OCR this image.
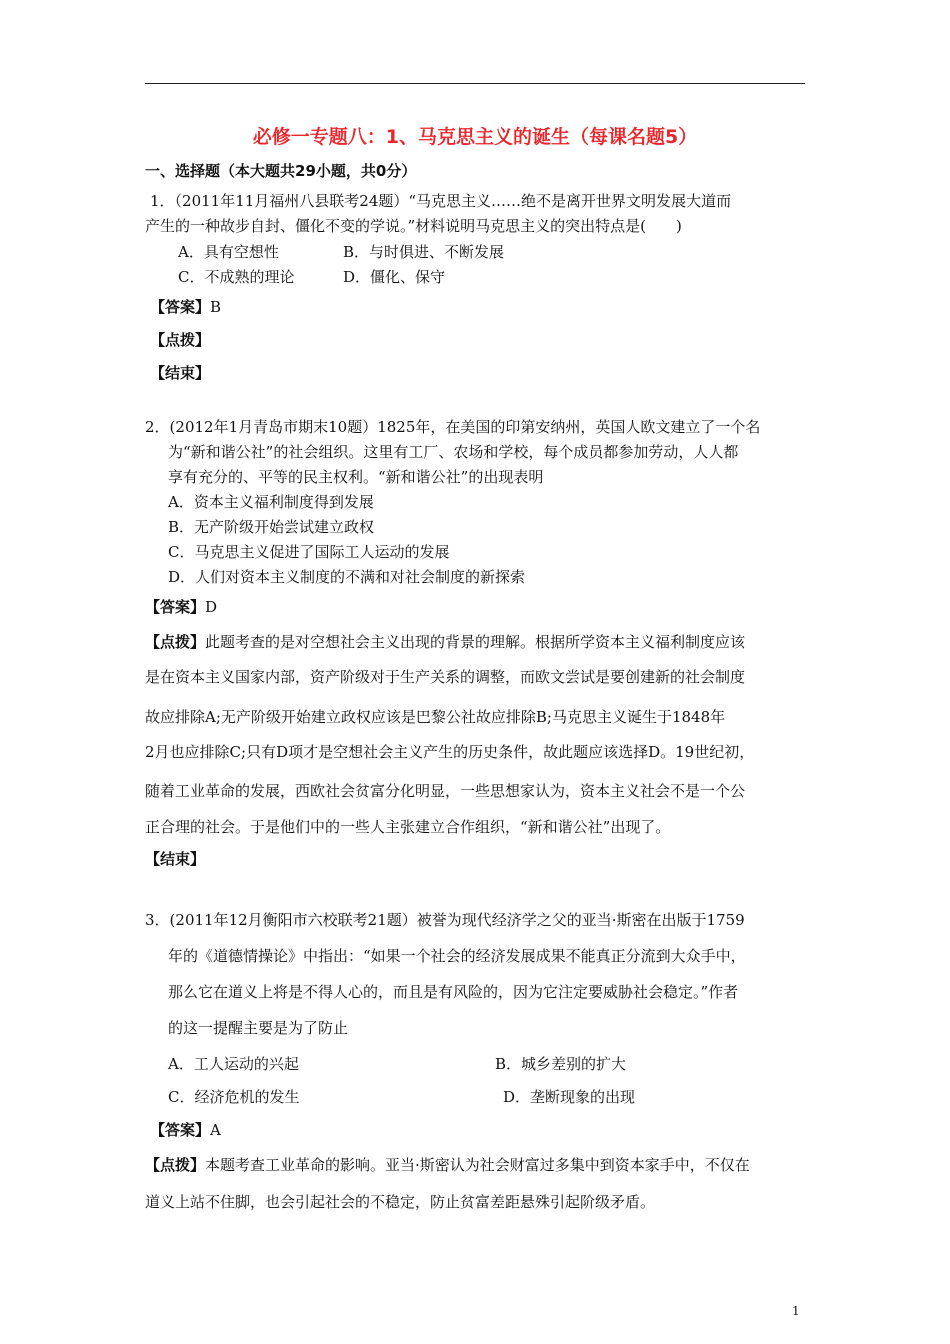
必修一专题八：1、马克思主义的诞生（每课名题5）
一、选择题（本大题共29小题，共0分）
1．（2011年11月福州八县联考24题）“马克思主义……绝不是离开世界文明发展大道而
产生的一种故步自封、僵化不变的学说。”材料说明马克思主义的突出特点是(　　)
A．具有空想性	B．与时俱进、不断发展
C．不成熟的理论	D．僵化、保守
【答案】B
【点拨】
【结束】
2．(2012年1月青岛市期末10题）1825年，在美国的印第安纳州，英国人欧文建立了一个名
为“新和谐公社”的社会组织。这里有工厂、农场和学校，每个成员都参加劳动，人人都
享有充分的、平等的民主权利。“新和谐公社”的出现表明
A．资本主义福利制度得到发展
B．无产阶级开始尝试建立政权
C．马克思主义促进了国际工人运动的发展
D．人们对资本主义制度的不满和对社会制度的新探索
【答案】D
【点拨】此题考查的是对空想社会主义出现的背景的理解。根据所学资本主义福利制度应该
是在资本主义国家内部，资产阶级对于生产关系的调整，而欧文尝试是要创建新的社会制度
故应排除A;无产阶级开始建立政权应该是巴黎公社故应排除B;马克思主义诞生于1848年
2月也应排除C;只有D项才是空想社会主义产生的历史条件，故此题应该选择D。19世纪初，
随着工业革命的发展，西欧社会贫富分化明显，一些思想家认为，资本主义社会不是一个公
正合理的社会。于是他们中的一些人主张建立合作组织，“新和谐公社”出现了。
【结束】
3．(2011年12月衡阳市六校联考21题）被誉为现代经济学之父的亚当·斯密在出版于1759
年的《道德情操论》中指出：“如果一个社会的经济发展成果不能真正分流到大众手中，
那么它在道义上将是不得人心的，而且是有风险的，因为它注定要威胁社会稳定。”作者
的这一提醒主要是为了防止
A．工人运动的兴起	B．城乡差别的扩大
C．经济危机的发生	D．垄断现象的出现
【答案】A
【点拨】本题考查工业革命的影响。亚当·斯密认为社会财富过多集中到资本家手中，不仅在
道义上站不住脚，也会引起社会的不稳定，防止贫富差距悬殊引起阶级矛盾。
1
